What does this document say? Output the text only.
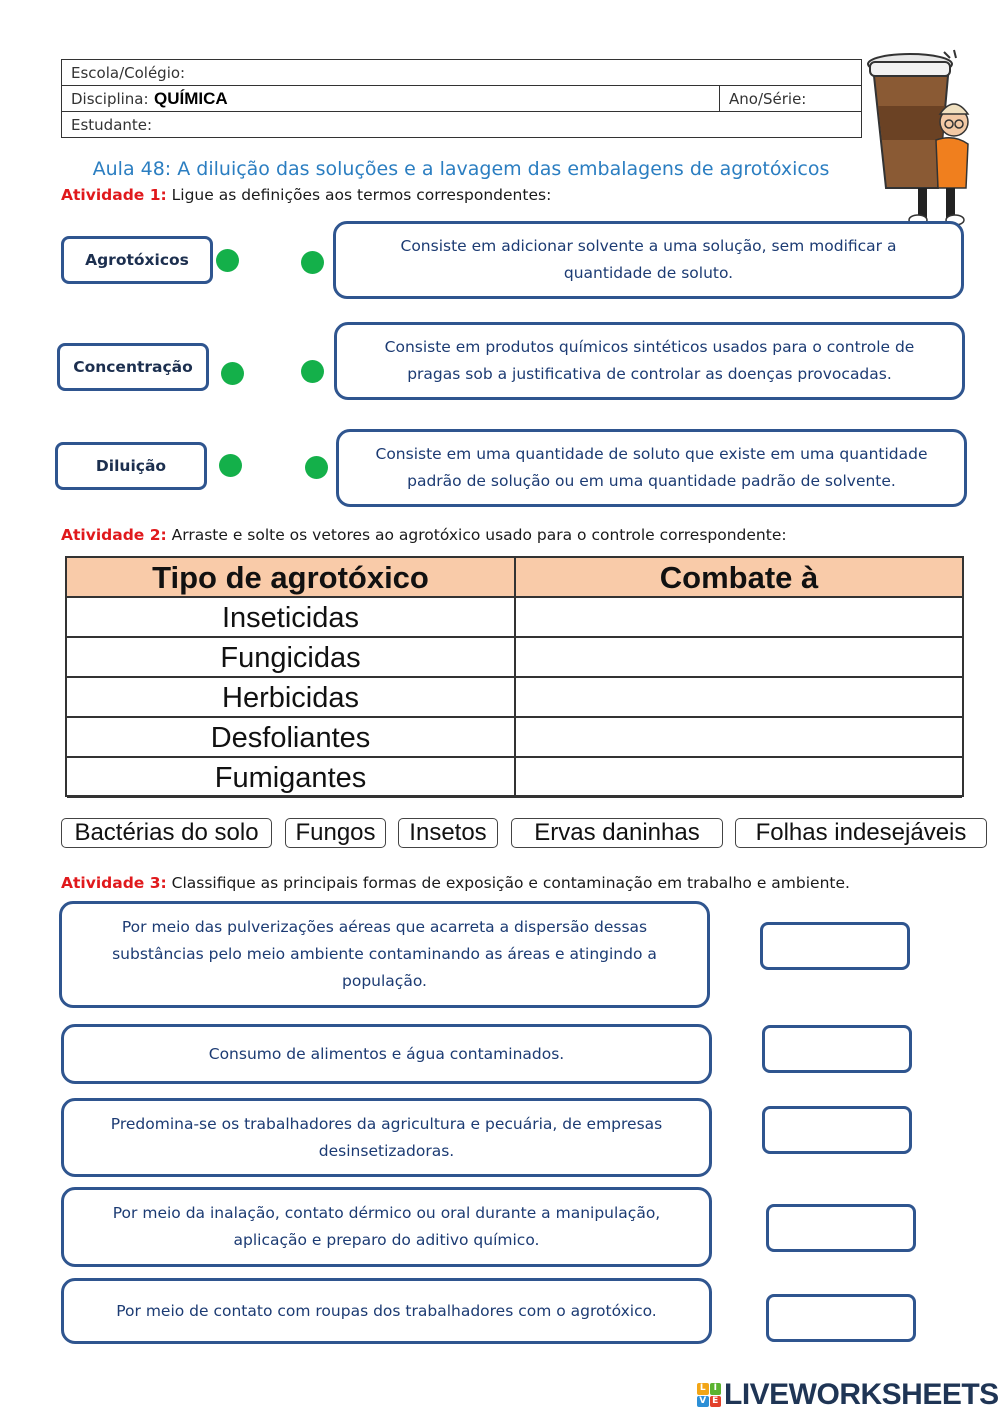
Escola/Colégio:
Disciplina: QUÍMICA	Ano/Série:
Estudante:
Aula 48: A diluição das soluções e a lavagem das embalagens de agrotóxicos
Atividade 1: Ligue as definições aos termos correspondentes:
Agrotóxicos
Concentração
Diluição
Consiste em adicionar solvente a uma solução, sem modificar a quantidade de soluto.
Consiste em produtos químicos sintéticos usados para o controle de pragas sob a justificativa de controlar as doenças provocadas.
Consiste em uma quantidade de soluto que existe em uma quantidade padrão de solução ou em uma quantidade padrão de solvente.
Atividade 2: Arraste e solte os vetores ao agrotóxico usado para o controle correspondente:
Tipo de agrotóxico	Combate à
Inseticidas
Fungicidas
Herbicidas
Desfoliantes
Fumigantes
Bactérias do solo	Fungos	Insetos	Ervas daninhas	Folhas indesejáveis
Atividade 3: Classifique as principais formas de exposição e contaminação em trabalho e ambiente.
Por meio das pulverizações aéreas que acarreta a dispersão dessas substâncias pelo meio ambiente contaminando as áreas e atingindo a população.
Consumo de alimentos e água contaminados.
Predomina-se os trabalhadores da agricultura e pecuária, de empresas desinsetizadoras.
Por meio da inalação, contato dérmico ou oral durante a manipulação, aplicação e preparo do aditivo químico.
Por meio de contato com roupas dos trabalhadores com o agrotóxico.
L I
V E LIVEWORKSHEETS
